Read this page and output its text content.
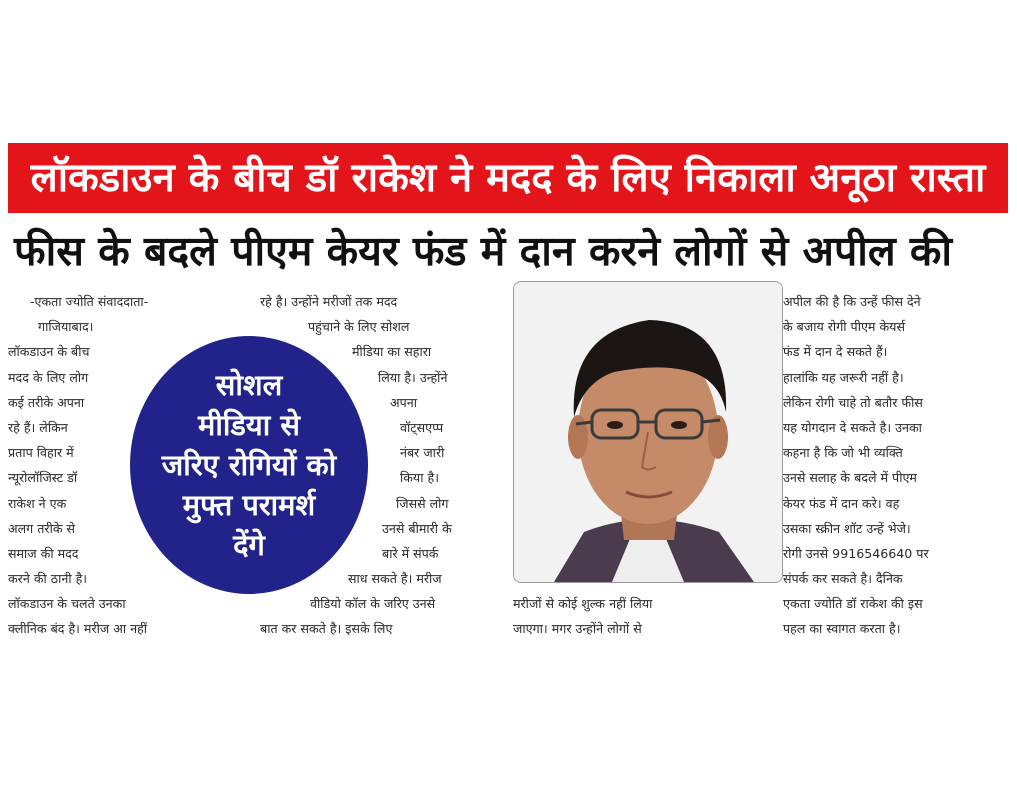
लॉकडाउन के बीच डॉ राकेश ने मदद के लिए निकाला अनूठा रास्ता
फीस के बदले पीएम केयर फंड में दान करने लोगों से अपील की
-एकता ज्योति संवाददाता-
गाजियाबाद।
लॉकडाउन के बीच
मदद के लिए लोग
कई तरीके अपना
रहे हैं। लेकिन
प्रताप विहार में
न्यूरोलॉजिस्ट डॉ
राकेश ने एक
अलग तरीके से
समाज की मदद
करने की ठानी है।
लॉकडाउन के चलते उनका
क्लीनिक बंद है। मरीज आ नहीं
रहे है। उन्होंने मरीजों तक मदद
पहुंचाने के लिए सोशल
मीडिया का सहारा
लिया है। उन्होंने
अपना
वॉट्सएप्प
नंबर जारी
किया है।
जिससे लोग
उनसे बीमारी के
बारे में संपर्क
साध सकते है। मरीज
वीडियो कॉल के जरिए उनसे
बात कर सकते है। इसके लिए
सोशल
मीडिया से
जरिए रोगियों को
मुफ्त परामर्श
देंगे
मरीजों से कोई शुल्क नहीं लिया
जाएगा। मगर उन्होंने लोगों से
अपील की है कि उन्हें फीस देने
के बजाय रोगी पीएम केयर्स
फंड में दान दे सकते हैं।
हालांकि यह जरूरी नहीं है।
लेकिन रोगी चाहे तो बतौर फीस
यह योगदान दे सकते है। उनका
कहना है कि जो भी व्यक्ति
उनसे सलाह के बदले में पीएम
केयर फंड में दान करे। वह
उसका स्क्रीन शॉट उन्हें भेजे।
रोगी उनसे 9916546640 पर
संपर्क कर सकते है। दैनिक
एकता ज्योति डॉ राकेश की इस
पहल का स्वागत करता है।
